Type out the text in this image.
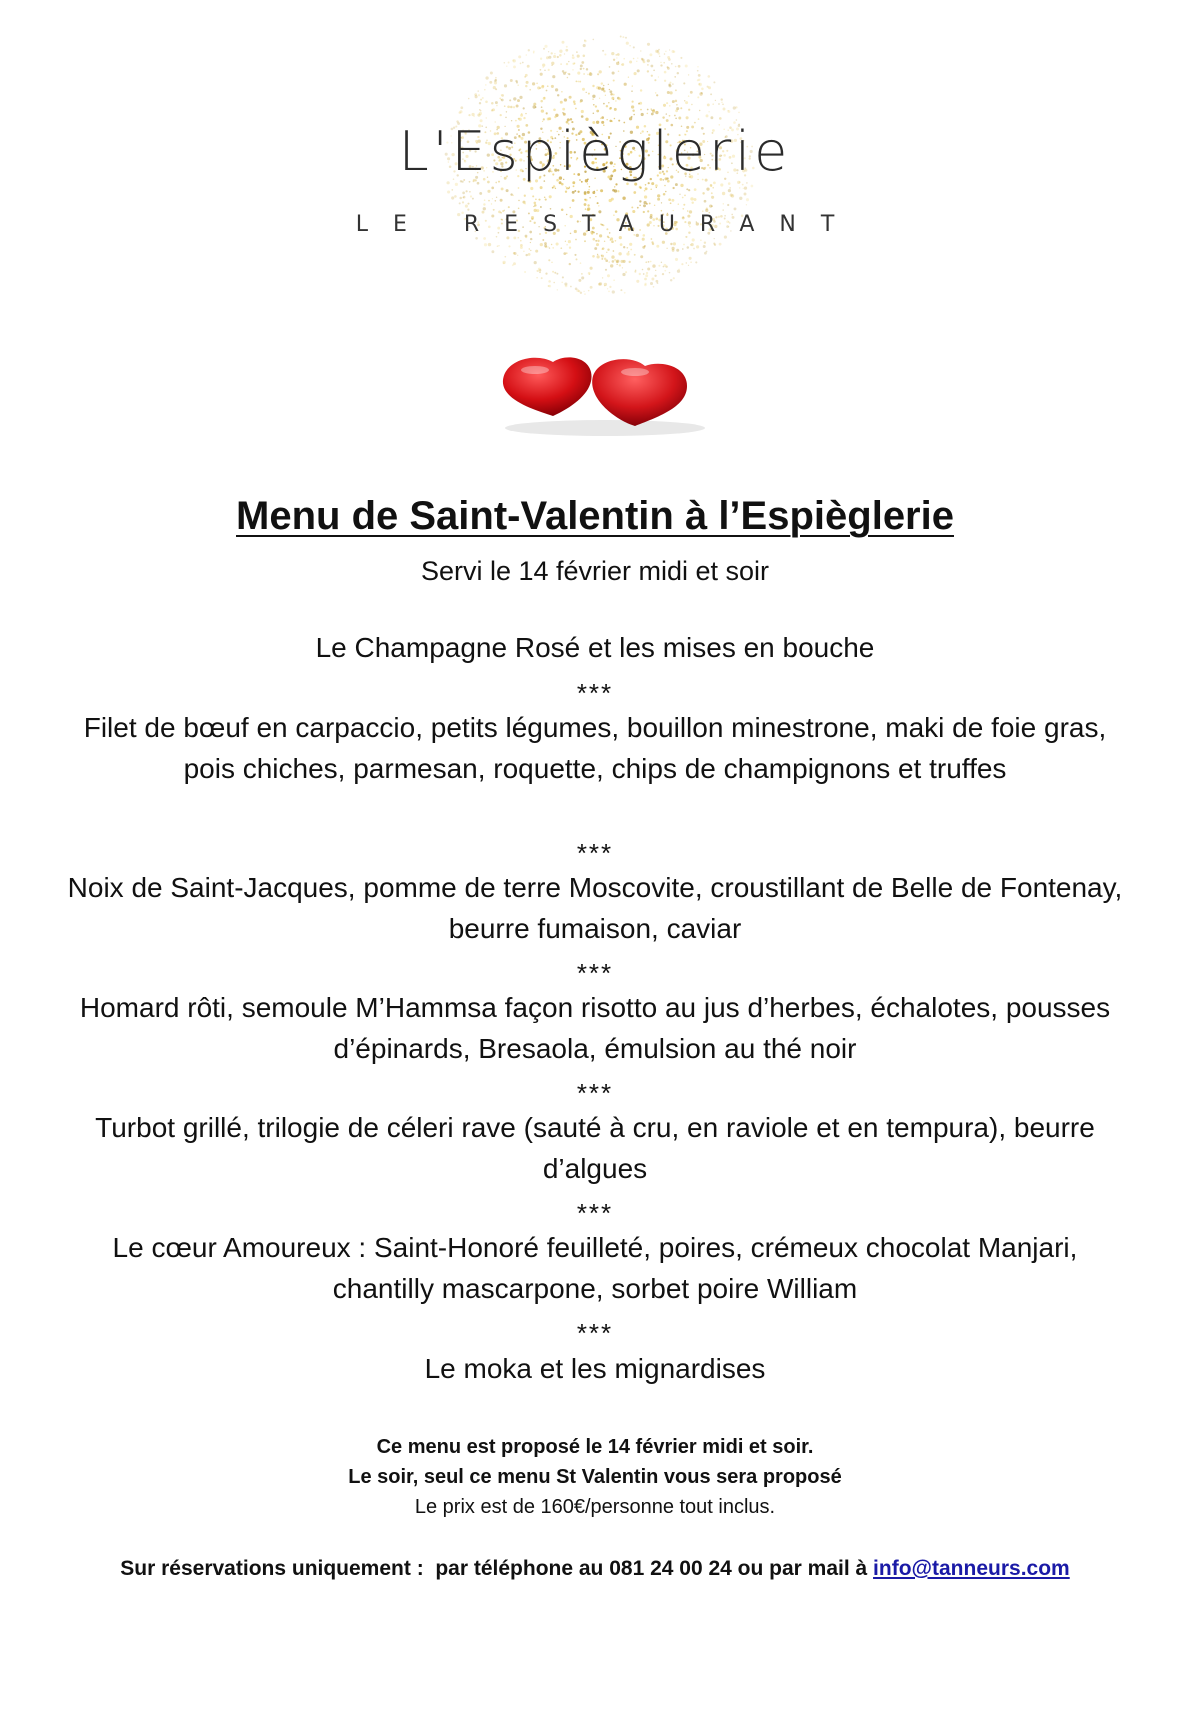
L'Espièglerie
LE RESTAURANT
Menu de Saint-Valentin à l’Espièglerie
Servi le 14 février midi et soir
Le Champagne Rosé et les mises en bouche
***
Filet de bœuf en carpaccio, petits légumes, bouillon minestrone, maki de foie gras, pois chiches, parmesan, roquette, chips de champignons et truffes
***
Noix de Saint-Jacques, pomme de terre Moscovite, croustillant de Belle de Fontenay, beurre fumaison, caviar
***
Homard rôti, semoule M’Hammsa façon risotto au jus d’herbes, échalotes, pousses d’épinards, Bresaola, émulsion au thé noir
***
Turbot grillé, trilogie de céleri rave (sauté à cru, en raviole et en tempura), beurre d’algues
***
Le cœur Amoureux : Saint-Honoré feuilleté, poires, crémeux chocolat Manjari, chantilly mascarpone, sorbet poire William
***
Le moka et les mignardises
Ce menu est proposé le 14 février midi et soir.
Le soir, seul ce menu St Valentin vous sera proposé
Le prix est de 160€/personne tout inclus.
Sur réservations uniquement :  par téléphone au 081 24 00 24 ou par mail à info@tanneurs.com
